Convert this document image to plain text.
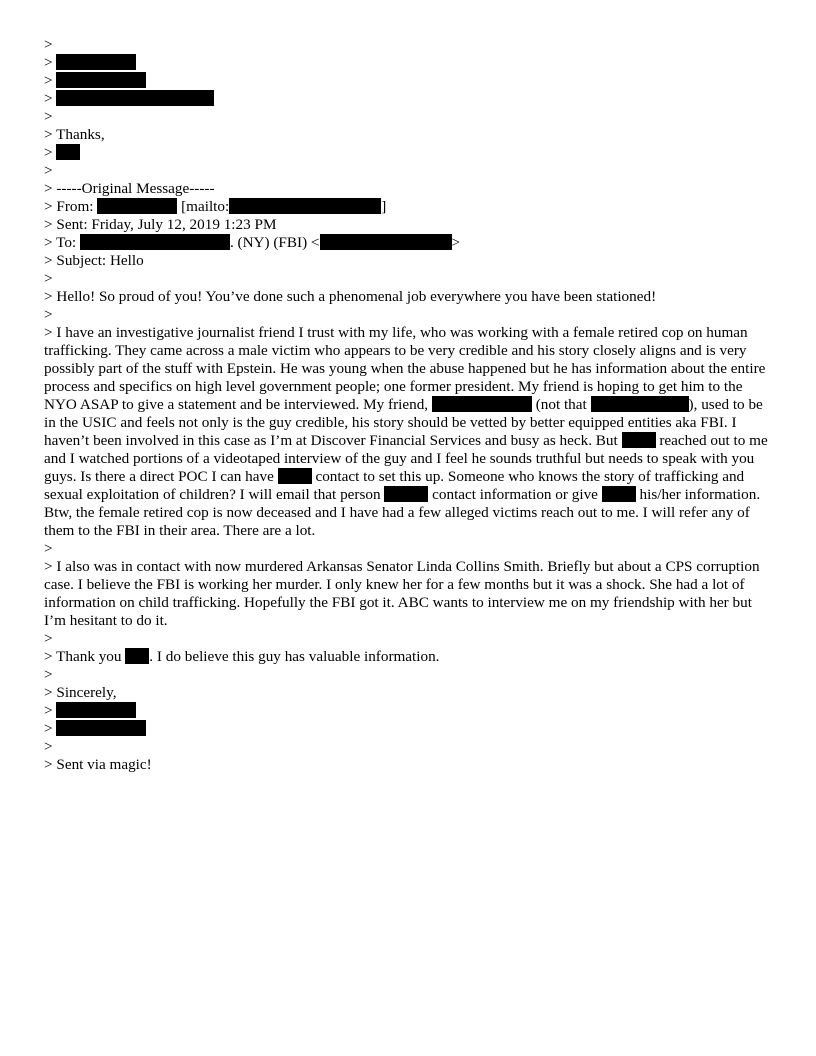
>
>
>
>
>
> Thanks,
>
>
> -----Original Message-----
> From:	[mailto:	]
> Sent: Friday, July 12, 2019 1:23 PM
> To:	. (NY) (FBI) <	>
> Subject: Hello
>
> Hello! So proud of you! You’ve done such a phenomenal job everywhere you have been stationed!
>
> I have an investigative journalist friend I trust with my life, who was working with a female retired cop on human trafficking. They came across a male victim who appears to be very credible and his story closely aligns and is very possibly part of the stuff with Epstein. He was young when the abuse happened but he has information about the entire process and specifics on high level government people; one former president. My friend is hoping to get him to the NYO ASAP to give a statement and be interviewed. My friend,	(not that	), used to be in the USIC and feels not only is the guy credible, his story should be vetted by better equipped entities aka FBI. I haven’t been involved in this case as I’m at Discover Financial Services and busy as heck. But	reached out to me and I watched portions of a videotaped interview of the guy and I feel he sounds truthful but needs to speak with you guys. Is there a direct POC I can have	contact to set this up. Someone who knows the story of trafficking and sexual exploitation of children? I will email that person	contact information or give	his/her information. Btw, the female retired cop is now deceased and I have had a few alleged victims reach out to me. I will refer any of them to the FBI in their area. There are a lot.
>
> I also was in contact with now murdered Arkansas Senator Linda Collins Smith. Briefly but about a CPS corruption case. I believe the FBI is working her murder. I only knew her for a few months but it was a shock. She had a lot of information on child trafficking. Hopefully the FBI got it. ABC wants to interview me on my friendship with her but I’m hesitant to do it.
>
> Thank you . I do believe this guy has valuable information.
>
> Sincerely,
>
>
>
> Sent via magic!
